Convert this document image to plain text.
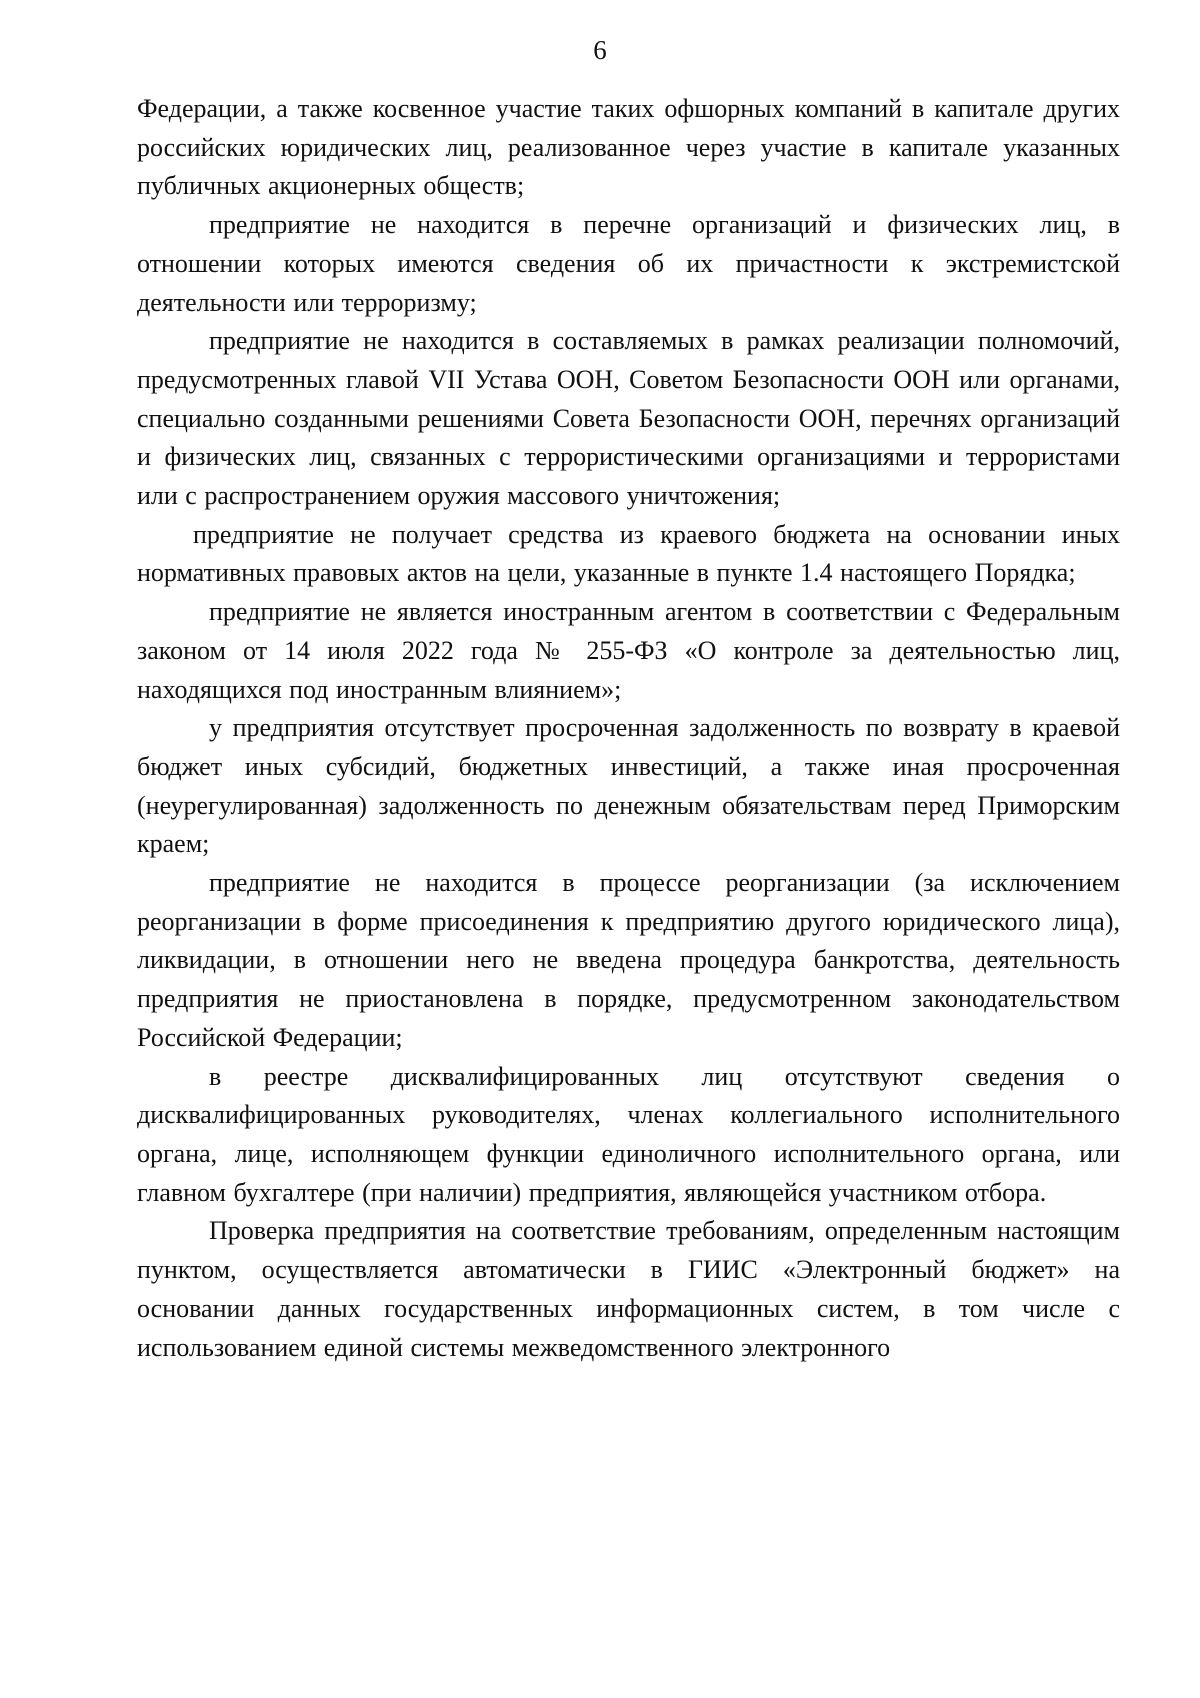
6

Федерации, а также косвенное участие таких офшорных компаний в капитале других российских юридических лиц, реализованное через участие в капитале указанных публичных акционерных обществ;

предприятие не находится в перечне организаций и физических лиц, в отношении которых имеются сведения об их причастности к экстремистской деятельности или терроризму;

предприятие не находится в составляемых в рамках реализации полномочий, предусмотренных главой VII Устава ООН, Советом Безопасности ООН или органами, специально созданными решениями Совета Безопасности ООН, перечнях организаций и физических лиц, связанных с террористическими организациями и террористами или с распространением оружия массового уничтожения;

предприятие не получает средства из краевого бюджета на основании иных нормативных правовых актов на цели, указанные в пункте 1.4 настоящего Порядка;

предприятие не является иностранным агентом в соответствии с Федеральным законом от 14 июля 2022 года № 255-ФЗ «О контроле за деятельностью лиц, находящихся под иностранным влиянием»;

у предприятия отсутствует просроченная задолженность по возврату в краевой бюджет иных субсидий, бюджетных инвестиций, а также иная просроченная (неурегулированная) задолженность по денежным обязательствам перед Приморским краем;

предприятие не находится в процессе реорганизации (за исключением реорганизации в форме присоединения к предприятию другого юридического лица), ликвидации, в отношении него не введена процедура банкротства, деятельность предприятия не приостановлена в порядке, предусмотренном законодательством Российской Федерации;

в реестре дисквалифицированных лиц отсутствуют сведения о дисквалифицированных руководителях, членах коллегиального исполнительного органа, лице, исполняющем функции единоличного исполнительного органа, или главном бухгалтере (при наличии) предприятия, являющейся участником отбора.

Проверка предприятия на соответствие требованиям, определенным настоящим пунктом, осуществляется автоматически в ГИИС «Электронный бюджет» на основании данных государственных информационных систем, в том числе с использованием единой системы межведомственного электронного
